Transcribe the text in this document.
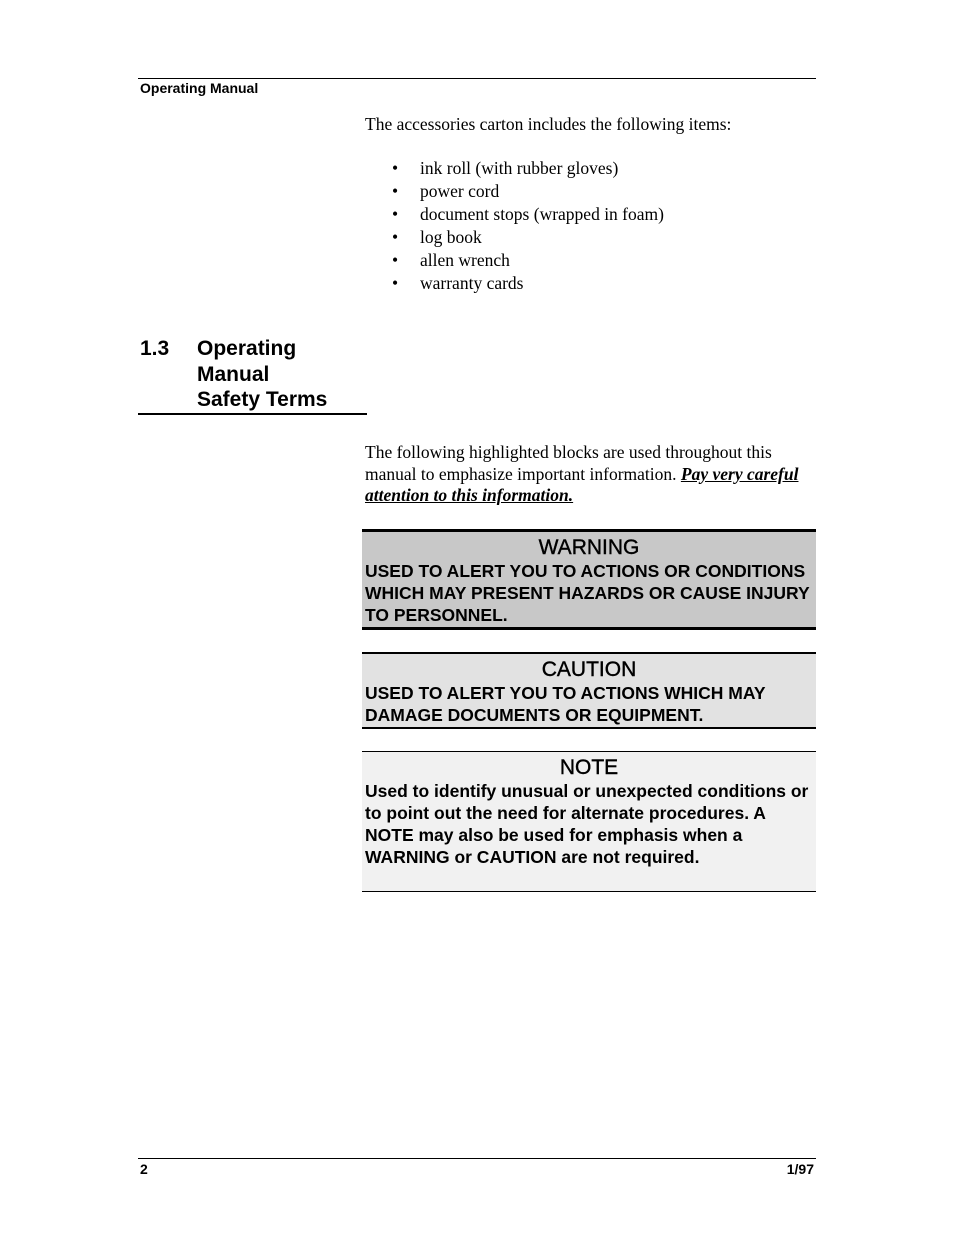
Operating Manual
The accessories carton includes the following items:
• ink roll (with rubber gloves)
• power cord
• document stops (wrapped in foam)
• log book
• allen wrench
• warranty cards
1.3 Operating
Manual
Safety Terms
The following highlighted blocks are used throughout this manual to emphasize important information. Pay very careful attention to this information.
WARNING
USED TO ALERT YOU TO ACTIONS OR CONDITIONS WHICH MAY PRESENT HAZARDS OR CAUSE INJURY TO PERSONNEL.
CAUTION
USED TO ALERT YOU TO ACTIONS WHICH MAY DAMAGE DOCUMENTS OR EQUIPMENT.
NOTE
Used to identify unusual or unexpected conditions or to point out the need for alternate procedures. A NOTE may also be used for emphasis when a WARNING or CAUTION are not required.
2	1/97
